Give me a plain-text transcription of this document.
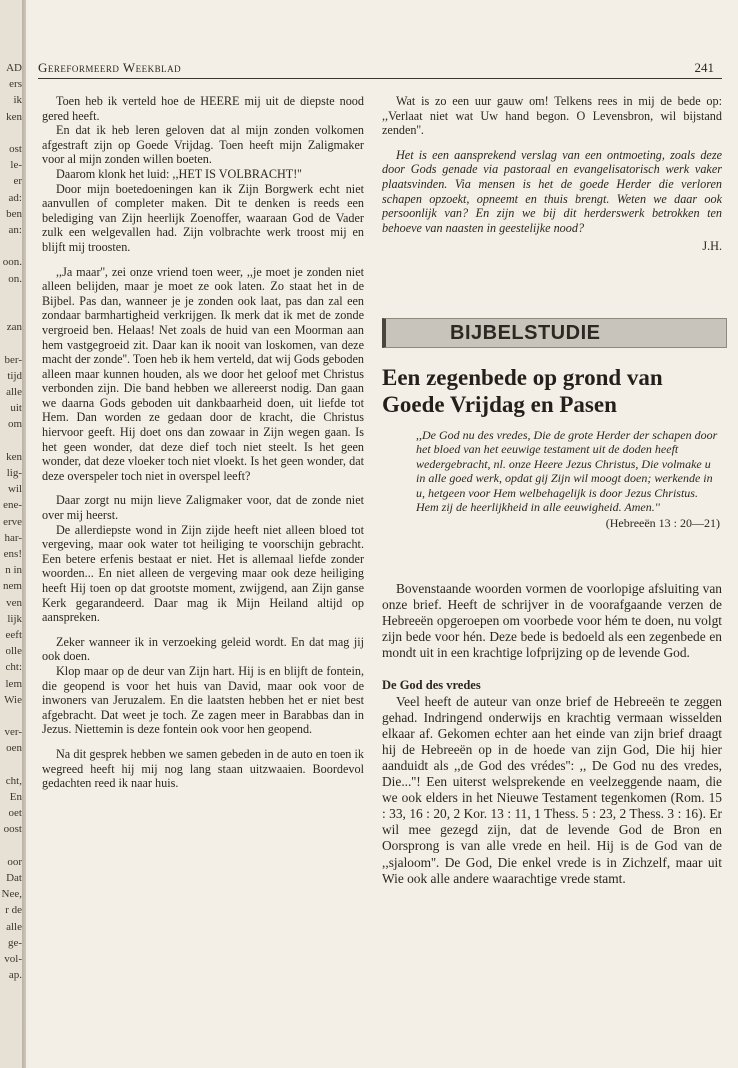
AD
ers
ik
ken
ost
le-
er
ad:
ben
an:
oon.
on.
zan
ber-
tijd
alle
uit
om
ken
lig-
wil
ene-
erve
har-
ens!
n in
nem
ven
lijk
eeft
olle
cht:
lem
Wie
ver-
oen
cht,
En
oet
oost
oor
Dat
Nee,
r de
alle
ge-
vol-
ap.
Gereformeerd Weekblad	241

Toen heb ik verteld hoe de HEERE mij uit de diepste nood gered heeft.

En dat ik heb leren geloven dat al mijn zonden volkomen afgestraft zijn op Goede Vrijdag. Toen heeft mijn Zaligmaker voor al mijn zonden willen boeten.

Daarom klonk het luid: ,,HET IS VOLBRACHT!''

Door mijn boetedoeningen kan ik Zijn Borgwerk echt niet aanvullen of completer maken. Dit te denken is reeds een belediging van Zijn heerlijk Zoenoffer, waaraan God de Vader zulk een welgevallen had. Zijn volbrachte werk troost mij en blijft mij troosten.

,,Ja maar'', zei onze vriend toen weer, ,,je moet je zonden niet alleen belijden, maar je moet ze ook laten. Zo staat het in de Bijbel. Pas dan, wanneer je je zonden ook laat, pas dan zal een zondaar barmhartigheid verkrijgen. Ik merk dat ik met de zonde vergroeid ben. Helaas! Net zoals de huid van een Moorman aan hem vastgegroeid zit. Daar kan ik nooit van loskomen, van deze macht der zonde''. Toen heb ik hem verteld, dat wij Gods geboden alleen maar kunnen houden, als we door het geloof met Christus verbonden zijn. Die band hebben we allereerst nodig. Dan gaan we daarna Gods geboden uit dankbaarheid doen, uit liefde tot Hem. Dan worden ze gedaan door de kracht, die Christus hiervoor geeft. Hij doet ons dan zowaar in Zijn wegen gaan. Is het geen wonder, dat deze dief toch niet steelt. Is het geen wonder, dat deze vloeker toch niet vloekt. Is het geen wonder, dat deze overspeler toch niet in overspel leeft?

Daar zorgt nu mijn lieve Zaligmaker voor, dat de zonde niet over mij heerst.

De allerdiepste wond in Zijn zijde heeft niet alleen bloed tot vergeving, maar ook water tot heiliging te voorschijn gebracht. Een betere erfenis bestaat er niet. Het is allemaal liefde zonder woorden... En niet alleen de vergeving maar ook deze heiliging heeft Hij toen op dat grootste moment, zwijgend, aan Zijn ganse Kerk gegarandeerd. Daar mag ik Mijn Heiland altijd op aanspreken.

Zeker wanneer ik in verzoeking geleid wordt. En dat mag jij ook doen.

Klop maar op de deur van Zijn hart. Hij is en blijft de fontein, die geopend is voor het huis van David, maar ook voor de inwoners van Jeruzalem. En die laatsten hebben het er niet best afgebracht. Dat weet je toch. Ze zagen meer in Barabbas dan in Jezus. Niettemin is deze fontein ook voor hen geopend.

Na dit gesprek hebben we samen gebeden in de auto en toen ik wegreed heeft hij mij nog lang staan uitzwaaien. Boordevol gedachten reed ik naar huis.

Wat is zo een uur gauw om! Telkens rees in mij de bede op: ,,Verlaat niet wat Uw hand begon. O Levensbron, wil bijstand zenden''.

Het is een aansprekend verslag van een ontmoeting, zoals deze door Gods genade via pastoraal en evangelisatorisch werk vaker plaatsvinden. Via mensen is het de goede Herder die verloren schapen opzoekt, opneemt en thuis brengt. Weten we daar ook persoonlijk van? En zijn we bij dit herderswerk betrokken ten behoeve van naasten in geestelijke nood?

J.H.
BIJBELSTUDIE
Een zegenbede op grond van Goede Vrijdag en Pasen
,,De God nu des vredes, Die de grote Herder der schapen door het bloed van het eeuwige testament uit de doden heeft wedergebracht, nl. onze Heere Jezus Christus, Die volmake u in alle goed werk, opdat gij Zijn wil moogt doen; werkende in u, hetgeen voor Hem welbehagelijk is door Jezus Christus. Hem zij de heerlijkheid in alle eeuwigheid. Amen.''
(Hebreeën 13 : 20—21)

Bovenstaande woorden vormen de voorlopige afsluiting van onze brief. Heeft de schrijver in de voorafgaande verzen de Hebreeën opgeroepen om voorbede voor hém te doen, nu volgt zijn bede voor hén. Deze bede is bedoeld als een zegenbede en mondt uit in een krachtige lofprijzing op de levende God.

De God des vredes

Veel heeft de auteur van onze brief de Hebreeën te zeggen gehad. Indringend onderwijs en krachtig vermaan wisselden elkaar af. Gekomen echter aan het einde van zijn brief draagt hij de Hebreeën op in de hoede van zijn God, Die hij hier aanduidt als ,,de God des vrédes'': ,, De God nu des vredes, Die...''! Een uiterst welsprekende en veelzeggende naam, die we ook elders in het Nieuwe Testament tegenkomen (Rom. 15 : 33, 16 : 20, 2 Kor. 13 : 11, 1 Thess. 5 : 23, 2 Thess. 3 : 16). Er wil mee gezegd zijn, dat de levende God de Bron en Oorsprong is van alle vrede en heil. Hij is de God van de ,,sjaloom''. De God, Die enkel vrede is in Zichzelf, maar uit Wie ook alle andere waarachtige vrede stamt.
